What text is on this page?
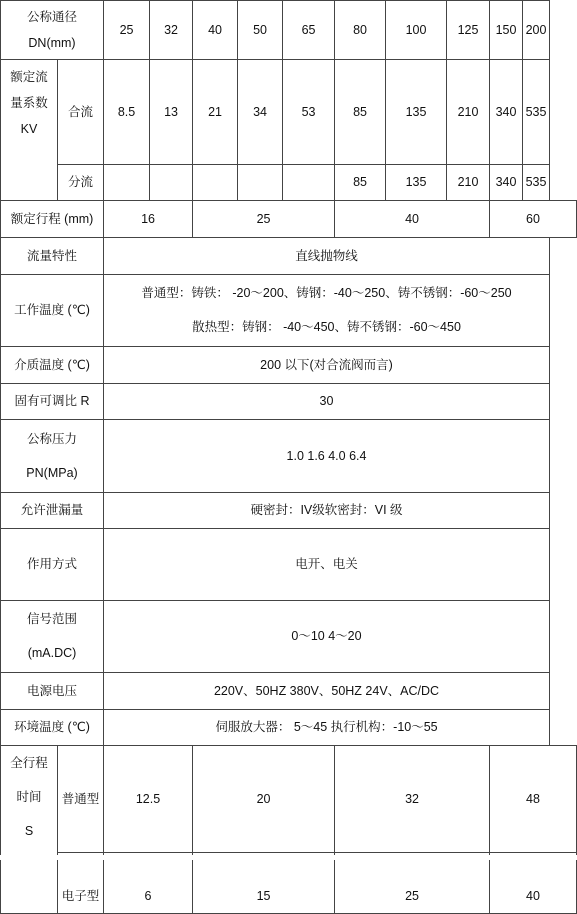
公称通径
DN(mm)		25	32	40	50	65	80	100	125	150	200

额定流
量系数
KV	合流	8.5	13	21	34	53	85	135	210	340	535
	分流						85	135	210	340	535
额定行程 (mm)		16		25			40			60	
流量特性		直线抛物线									
工作温度 (℃)		普通型：铸铁： -20～200、铸钢：-40～250、铸不锈钢：-60～250
散热型：铸钢： -40～450、铸不锈钢：-60～450									

介质温度 (℃)		200 以下(对合流阀而言)									
固有可调比 R		30									

公称压力
PN(MPa)		1.0 1.6 4.0 6.4									
允许泄漏量		硬密封：IV级软密封：VI 级									
作用方式		电开、电关									

信号范围
(mA.DC)		0～10 4～20									
电源电压		220V、50HZ 380V、50HZ 24V、AC/DC									
环境温度 (℃)		伺服放大器： 5～45 执行机构：-10～55									

全行程
时间
S	普通型	12.5		20			32			48	
	电子型	6		15			25			40	
